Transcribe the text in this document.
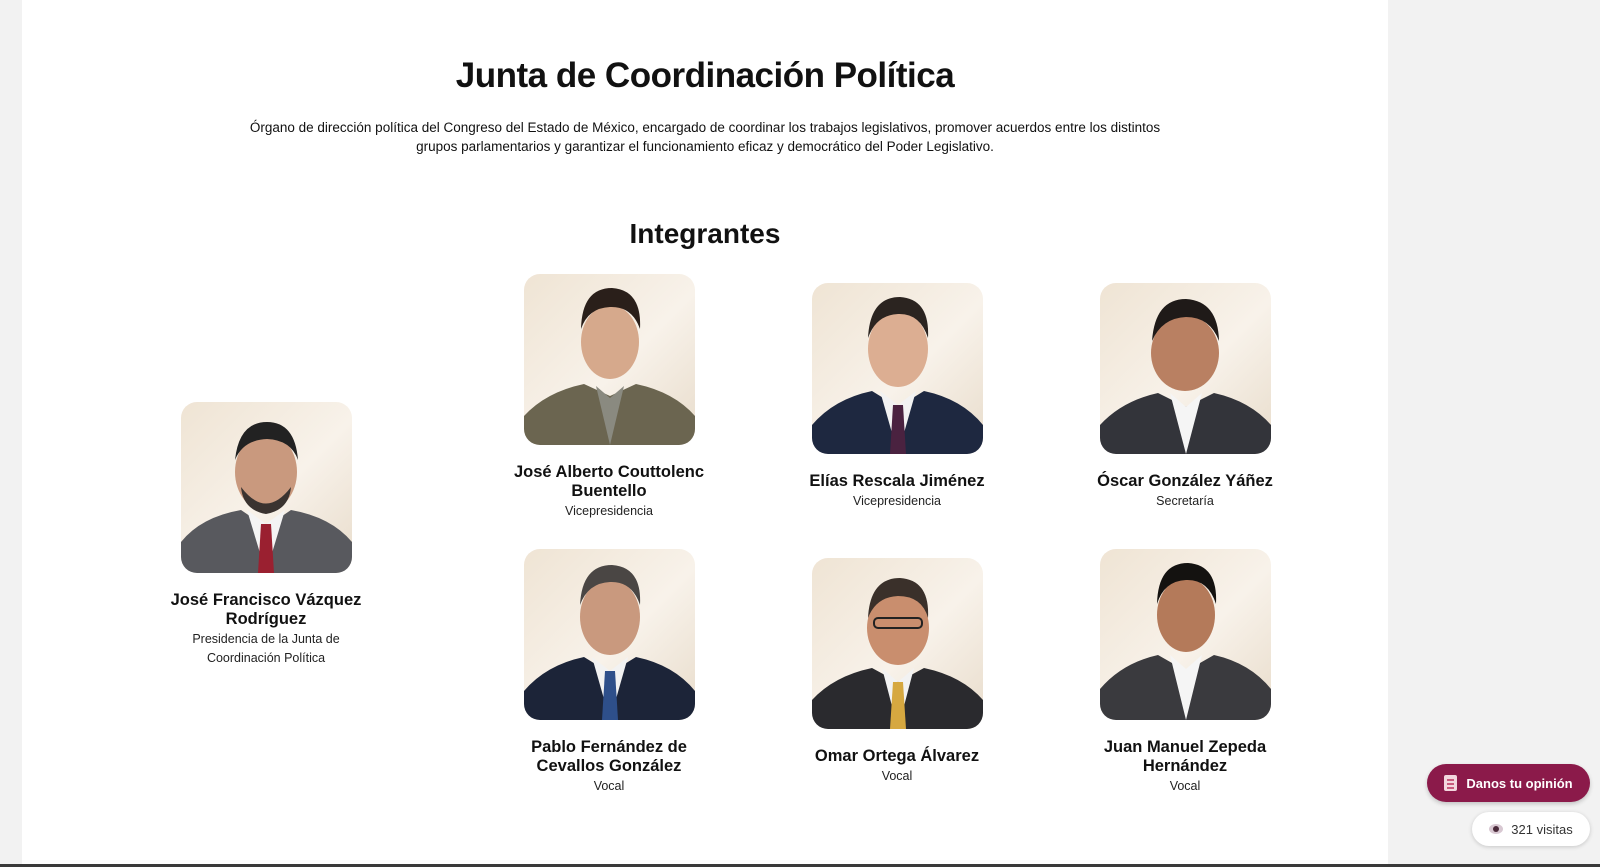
Junta de Coordinación Política

Órgano de dirección política del Congreso del Estado de México, encargado de coordinar los trabajos legislativos, promover acuerdos entre los distintos grupos parlamentarios y garantizar el funcionamiento eficaz y democrático del Poder Legislativo.

Integrantes
José Francisco Vázquez Rodríguez
Presidencia de la Junta de Coordinación Política
José Alberto Couttolenc Buentello
Vicepresidencia
Elías Rescala Jiménez
Vicepresidencia
Óscar González Yáñez
Secretaría
Pablo Fernández de Cevallos González
Vocal
Omar Ortega Álvarez
Vocal
Juan Manuel Zepeda Hernández
Vocal	Danos tu opinión
321 visitas
